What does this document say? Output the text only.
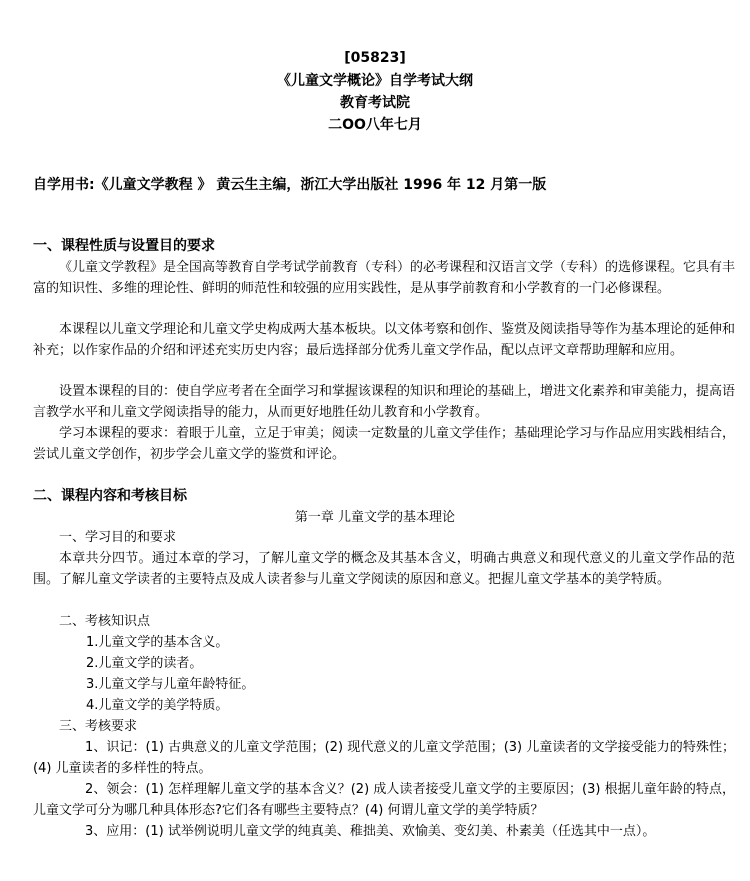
[05823]
《儿童文学概论》自学考试大纲
教育考试院
二OO八年七月
自学用书:《儿童文学教程 》 黄云生主编，浙江大学出版社 1996 年 12 月第一版
一、课程性质与设置目的要求
《儿童文学教程》是全国高等教育自学考试学前教育（专科）的必考课程和汉语言文学（专科）的选修课程。它具有丰富的知识性、多维的理论性、鲜明的师范性和较强的应用实践性，是从事学前教育和小学教育的一门必修课程。
本课程以儿童文学理论和儿童文学史构成两大基本板块。以文体考察和创作、鉴赏及阅读指导等作为基本理论的延伸和补充；以作家作品的介绍和评述充实历史内容；最后选择部分优秀儿童文学作品，配以点评文章帮助理解和应用。
设置本课程的目的：使自学应考者在全面学习和掌握该课程的知识和理论的基础上，增进文化素养和审美能力，提高语言教学水平和儿童文学阅读指导的能力，从而更好地胜任幼儿教育和小学教育。
学习本课程的要求：着眼于儿童，立足于审美；阅读一定数量的儿童文学佳作；基础理论学习与作品应用实践相结合，尝试儿童文学创作，初步学会儿童文学的鉴赏和评论。
二、课程内容和考核目标
第一章 儿童文学的基本理论
一、学习目的和要求
本章共分四节。通过本章的学习，了解儿童文学的概念及其基本含义，明确古典意义和现代意义的儿童文学作品的范围。了解儿童文学读者的主要特点及成人读者参与儿童文学阅读的原因和意义。把握儿童文学基本的美学特质。
二、考核知识点
1.儿童文学的基本含义。
2.儿童文学的读者。
3.儿童文学与儿童年龄特征。
4.儿童文学的美学特质。
三、考核要求
1、识记：(1) 古典意义的儿童文学范围；(2) 现代意义的儿童文学范围；(3) 儿童读者的文学接受能力的特殊性；(4) 儿童读者的多样性的特点。
2、领会：(1) 怎样理解儿童文学的基本含义？(2) 成人读者接受儿童文学的主要原因；(3) 根据儿童年龄的特点，儿童文学可分为哪几种具体形态?它们各有哪些主要特点？(4) 何谓儿童文学的美学特质？
3、应用：(1) 试举例说明儿童文学的纯真美、稚拙美、欢愉美、变幻美、朴素美（任选其中一点）。
